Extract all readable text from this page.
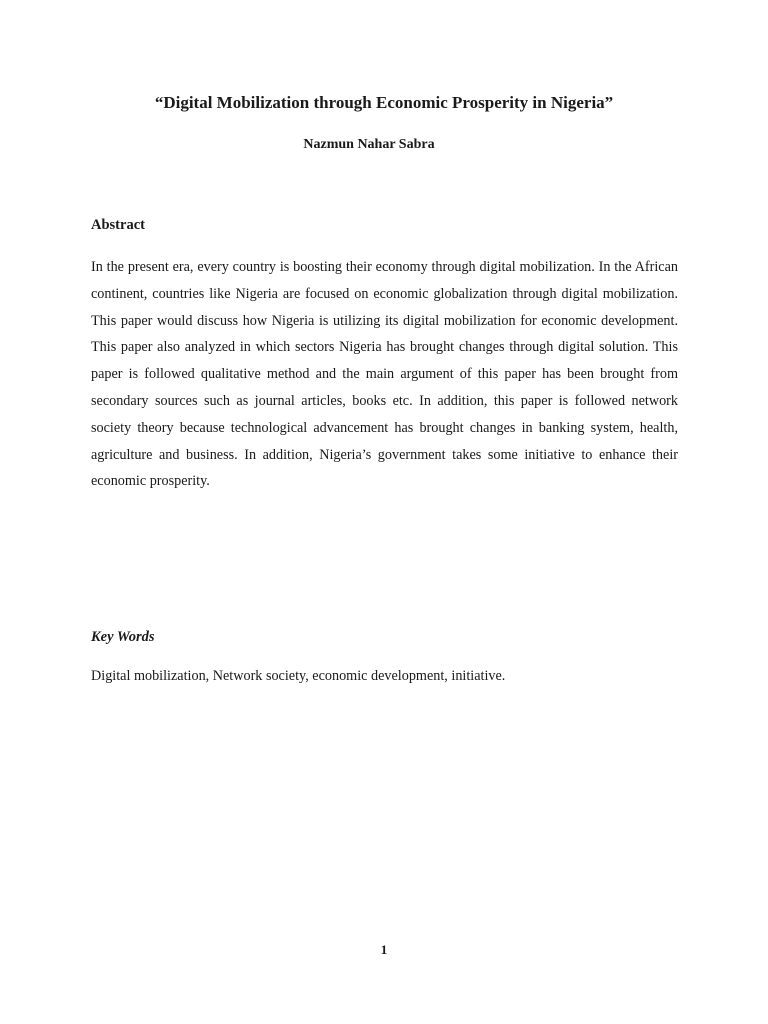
“Digital Mobilization through Economic Prosperity in Nigeria”

Nazmun Nahar Sabra

Abstract

In the present era, every country is boosting their economy through digital mobilization. In the African continent, countries like Nigeria are focused on economic globalization through digital mobilization. This paper would discuss how Nigeria is utilizing its digital mobilization for economic development. This paper also analyzed in which sectors Nigeria has brought changes through digital solution. This paper is followed qualitative method and the main argument of this paper has been brought from secondary sources such as journal articles, books etc. In addition, this paper is followed network society theory because technological advancement has brought changes in banking system, health, agriculture and business. In addition, Nigeria’s government takes some initiative to enhance their economic prosperity.

Key Words

Digital mobilization, Network society, economic development, initiative.

1
